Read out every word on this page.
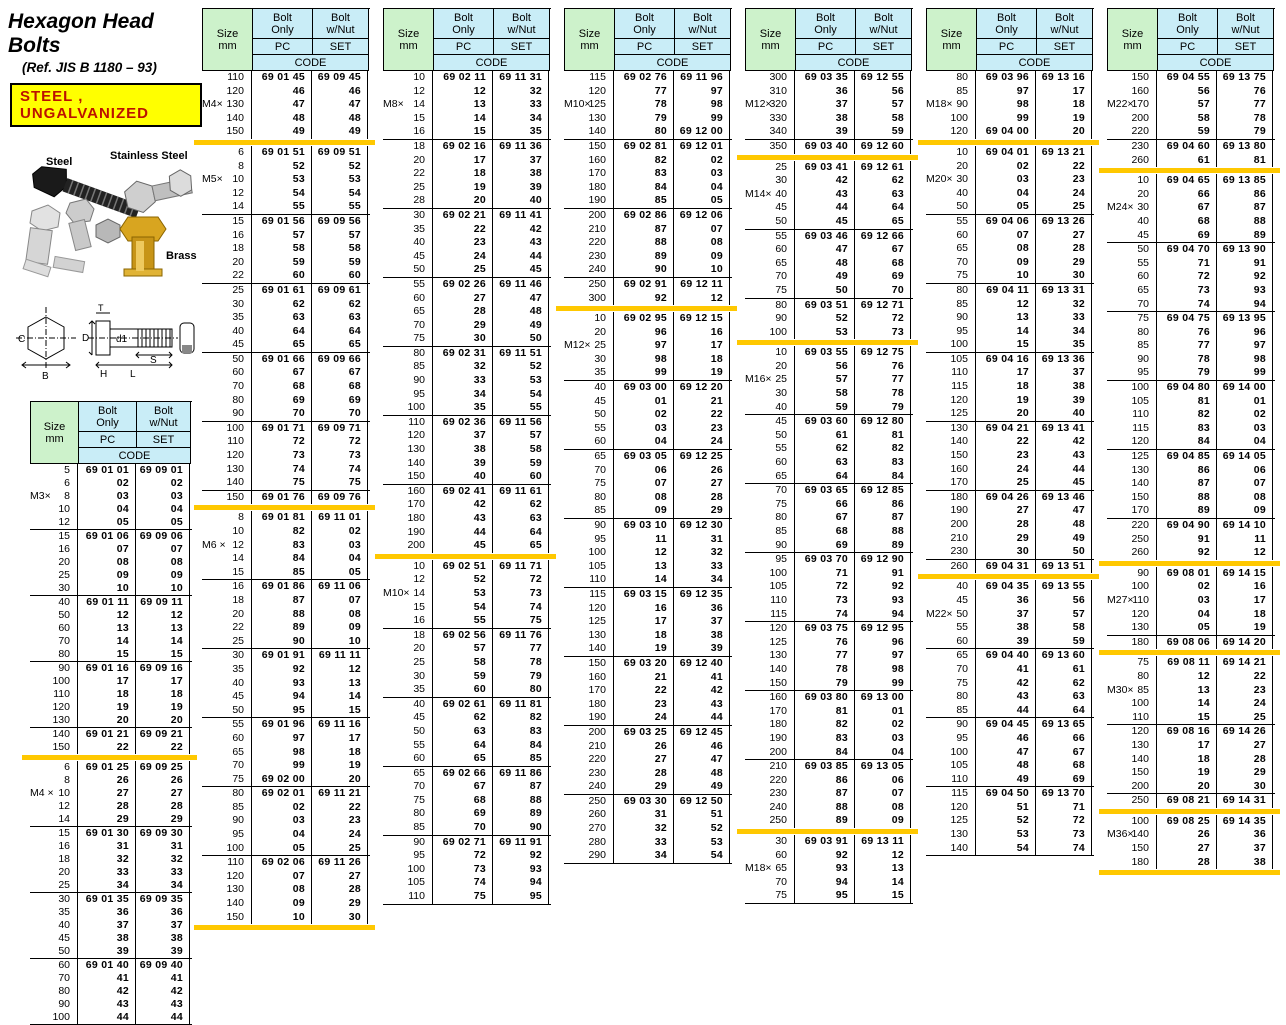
Hexagon Head Bolts
(Ref. JIS B 1180 – 93)
STEEL , UNGALVANIZED
Steel	Stainless Steel
Brass
C
B
T
D	d1
H
S
L
Size
mm
Bolt
Only
Bolt
w/Nut
PC	SET
CODE
5	69 01 01	69 09 01
6	02	02
M3× 8	03	03
10	04	04
12	05	05
15	69 01 06	69 09 06
16	07	07
20	08	08
25	09	09
30	10	10
40	69 01 11	69 09 11
50	12	12
60	13	13
70	14	14
80	15	15
90	69 01 16	69 09 16
100	17	17
110	18	18
120	19	19
130	20	20
140	69 01 21	69 09 21
150	22	22
6	69 01 25	69 09 25
8	26	26
M4 × 10	27	27
12	28	28
14	29	29
15	69 01 30	69 09 30
16	31	31
18	32	32
20	33	33
25	34	34
30	69 01 35	69 09 35
35	36	36
40	37	37
45	38	38
50	39	39
60	69 01 40	69 09 40
70	41	41
80	42	42
90	43	43
100	44	44
Size
mm
Bolt
Only
Bolt
w/Nut
PC	SET
CODE
110	69 01 45	69 09 45
120	46	46
M4× 130	47	47
140	48	48
150	49	49
6	69 01 51	69 09 51
8	52	52
M5× 10	53	53
12	54	54
14	55	55
15	69 01 56	69 09 56
16	57	57
18	58	58
20	59	59
22	60	60
25	69 01 61	69 09 61
30	62	62
35	63	63
40	64	64
45	65	65
50	69 01 66	69 09 66
60	67	67
70	68	68
80	69	69
90	70	70
100	69 01 71	69 09 71
110	72	72
120	73	73
130	74	74
140	75	75
150	69 01 76	69 09 76
8	69 01 81	69 11 01
10	82	02
M6 × 12	83	03
14	84	04
15	85	05
16	69 01 86	69 11 06
18	87	07
20	88	08
22	89	09
25	90	10
30	69 01 91	69 11 11
35	92	12
40	93	13
45	94	14
50	95	15
55	69 01 96	69 11 16
60	97	17
65	98	18
70	99	19
75	69 02 00	20
80	69 02 01	69 11 21
85	02	22
90	03	23
95	04	24
100	05	25
110	69 02 06	69 11 26
120	07	27
130	08	28
140	09	29
150	10	30
Size
mm
Bolt
Only
Bolt
w/Nut
PC	SET
CODE
10	69 02 11	69 11 31
12	12	32
M8× 14	13	33
15	14	34
16	15	35
18	69 02 16	69 11 36
20	17	37
22	18	38
25	19	39
28	20	40
30	69 02 21	69 11 41
35	22	42
40	23	43
45	24	44
50	25	45
55	69 02 26	69 11 46
60	27	47
65	28	48
70	29	49
75	30	50
80	69 02 31	69 11 51
85	32	52
90	33	53
95	34	54
100	35	55
110	69 02 36	69 11 56
120	37	57
130	38	58
140	39	59
150	40	60
160	69 02 41	69 11 61
170	42	62
180	43	63
190	44	64
200	45	65
10	69 02 51	69 11 71
12	52	72
M10× 14	53	73
15	54	74
16	55	75
18	69 02 56	69 11 76
20	57	77
25	58	78
30	59	79
35	60	80
40	69 02 61	69 11 81
45	62	82
50	63	83
55	64	84
60	65	85
65	69 02 66	69 11 86
70	67	87
75	68	88
80	69	89
85	70	90
90	69 02 71	69 11 91
95	72	92
100	73	93
105	74	94
110	75	95
Size
mm
Bolt
Only
Bolt
w/Nut
PC	SET
CODE
115	69 02 76	69 11 96
120	77	97
M10×
125	78	98
130	79	99
140	80	69 12 00
150	69 02 81	69 12 01
160	82	02
170	83	03
180	84	04
190	85	05
200	69 02 86	69 12 06
210	87	07
220	88	08
230	89	09
240	90	10
250	69 02 91	69 12 11
300	92	12
10	69 02 95	69 12 15
20	96	16
M12× 25	97	17
30	98	18
35	99	19
40	69 03 00	69 12 20
45	01	21
50	02	22
55	03	23
60	04	24
65	69 03 05	69 12 25
70	06	26
75	07	27
80	08	28
85	09	29
90	69 03 10	69 12 30
95	11	31
100	12	32
105	13	33
110	14	34
115	69 03 15	69 12 35
120	16	36
125	17	37
130	18	38
140	19	39
150	69 03 20	69 12 40
160	21	41
170	22	42
180	23	43
190	24	44
200	69 03 25	69 12 45
210	26	46
220	27	47
230	28	48
240	29	49
250	69 03 30	69 12 50
260	31	51
270	32	52
280	33	53
290	34	54
Size
mm
Bolt
Only
Bolt
w/Nut
PC	SET
CODE
300	69 03 35	69 12 55
310	36	56
M12×
320	37	57
330	38	58
340	39	59
350	69 03 40	69 12 60
25	69 03 41	69 12 61
30	42	62
M14× 40	43	63
45	44	64
50	45	65
55	69 03 46	69 12 66
60	47	67
65	48	68
70	49	69
75	50	70
80	69 03 51	69 12 71
90	52	72
100	53	73
10	69 03 55	69 12 75
20	56	76
M16× 25	57	77
30	58	78
40	59	79
45	69 03 60	69 12 80
50	61	81
55	62	82
60	63	83
65	64	84
70	69 03 65	69 12 85
75	66	86
80	67	87
85	68	88
90	69	89
95	69 03 70	69 12 90
100	71	91
105	72	92
110	73	93
115	74	94
120	69 03 75	69 12 95
125	76	96
130	77	97
140	78	98
150	79	99
160	69 03 80	69 13 00
170	81	01
180	82	02
190	83	03
200	84	04
210	69 03 85	69 13 05
220	86	06
230	87	07
240	88	08
250	89	09
30	69 03 91	69 13 11
60	92	12
M18× 65	93	13
70	94	14
75	95	15
Size
mm
Bolt
Only
Bolt
w/Nut
PC	SET
CODE
80	69 03 96	69 13 16
85	97	17
M18× 90	98	18
100	99	19
120	69 04 00	20
10	69 04 01	69 13 21
20	02	22
M20× 30	03	23
40	04	24
50	05	25
55	69 04 06	69 13 26
60	07	27
65	08	28
70	09	29
75	10	30
80	69 04 11	69 13 31
85	12	32
90	13	33
95	14	34
100	15	35
105	69 04 16	69 13 36
110	17	37
115	18	38
120	19	39
125	20	40
130	69 04 21	69 13 41
140	22	42
150	23	43
160	24	44
170	25	45
180	69 04 26	69 13 46
190	27	47
200	28	48
210	29	49
230	30	50
260	69 04 31	69 13 51
40	69 04 35	69 13 55
45	36	56
M22× 50	37	57
55	38	58
60	39	59
65	69 04 40	69 13 60
70	41	61
75	42	62
80	43	63
85	44	64
90	69 04 45	69 13 65
95	46	66
100	47	67
105	48	68
110	49	69
115	69 04 50	69 13 70
120	51	71
125	52	72
130	53	73
140	54	74
Size
mm
Bolt
Only
Bolt
w/Nut
PC	SET
CODE
150	69 04 55	69 13 75
160	56	76
M22×
170	57	77
200	58	78
220	59	79
230	69 04 60	69 13 80
260	61	81
10	69 04 65	69 13 85
20	66	86
M24× 30	67	87
40	68	88
45	69	89
50	69 04 70	69 13 90
55	71	91
60	72	92
65	73	93
70	74	94
75	69 04 75	69 13 95
80	76	96
85	77	97
90	78	98
95	79	99
100	69 04 80	69 14 00
105	81	01
110	82	02
115	83	03
120	84	04
125	69 04 85	69 14 05
130	86	06
140	87	07
150	88	08
170	89	09
220	69 04 90	69 14 10
250	91	11
260	92	12
90	69 08 01	69 14 15
100	02	16
M27×
110	03	17
120	04	18
130	05	19
180	69 08 06	69 14 20
75	69 08 11	69 14 21
80	12	22
M30× 85	13	23
100	14	24
110	15	25
120	69 08 16	69 14 26
130	17	27
140	18	28
150	19	29
200	20	30
250	69 08 21	69 14 31
100	69 08 25	69 14 35
M36×
140	26	36
150	27	37
180	28	38
